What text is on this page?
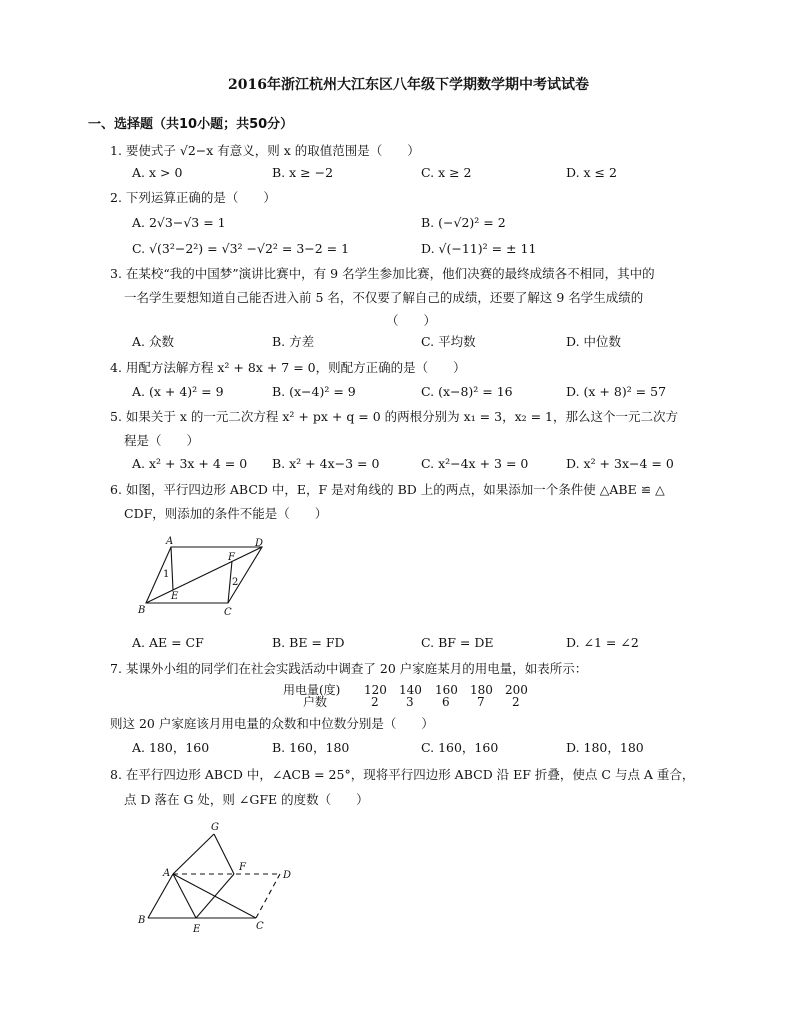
2016年浙江杭州大江东区八年级下学期数学期中考试试卷
一、选择题（共10小题；共50分）
1. 要使式子 √2−x 有意义，则 x 的取值范围是（　　）
A. x > 0	B. x ≥ −2	C. x ≥ 2	D. x ≤ 2
2. 下列运算正确的是（　　）
A. 2√3−√3 = 1	B. (−√2)² = 2
C. √(3²−2²) = √3² −√2² = 3−2 = 1	D. √(−11)² = ± 11
3. 在某校“我的中国梦”演讲比赛中，有 9 名学生参加比赛，他们决赛的最终成绩各不相同，其中的
一名学生要想知道自己能否进入前 5 名，不仅要了解自己的成绩，还要了解这 9 名学生成绩的
（　　）
A. 众数	B. 方差	C. 平均数	D. 中位数
4. 用配方法解方程 x² + 8x + 7 = 0，则配方正确的是（　　）
A. (x + 4)² = 9	B. (x−4)² = 9	C. (x−8)² = 16	D. (x + 8)² = 57
5. 如果关于 x 的一元二次方程 x² + px + q = 0 的两根分别为 x₁ = 3，x₂ = 1，那么这个一元二次方
程是（　　）
A. x² + 3x + 4 = 0 B. x² + 4x−3 = 0	C. x²−4x + 3 = 0	D. x² + 3x−4 = 0
6. 如图，平行四边形 ABCD 中，E，F 是对角线的 BD 上的两点，如果添加一个条件使 △ABE ≌ △
CDF，则添加的条件不能是（　　）
A	D
B	C
E
F
1
2
A. AE = CF	B. BE = FD	C. BF = DE	D. ∠1 = ∠2
7. 某课外小组的同学们在社会实践活动中调查了 20 户家庭某月的用电量，如表所示：
用电量(度) 120 140 160 180 200
户数	2 3 6 7 2
则这 20 户家庭该月用电量的众数和中位数分别是（　　）
A. 180，160	B. 160，180	C. 160，160	D. 180，180
8. 在平行四边形 ABCD 中，∠ACB = 25°，现将平行四边形 ABCD 沿 EF 折叠，使点 C 与点 A 重合，
点 D 落在 G 处，则 ∠GFE 的度数（　　）
G
A
F
D
B
E	C
